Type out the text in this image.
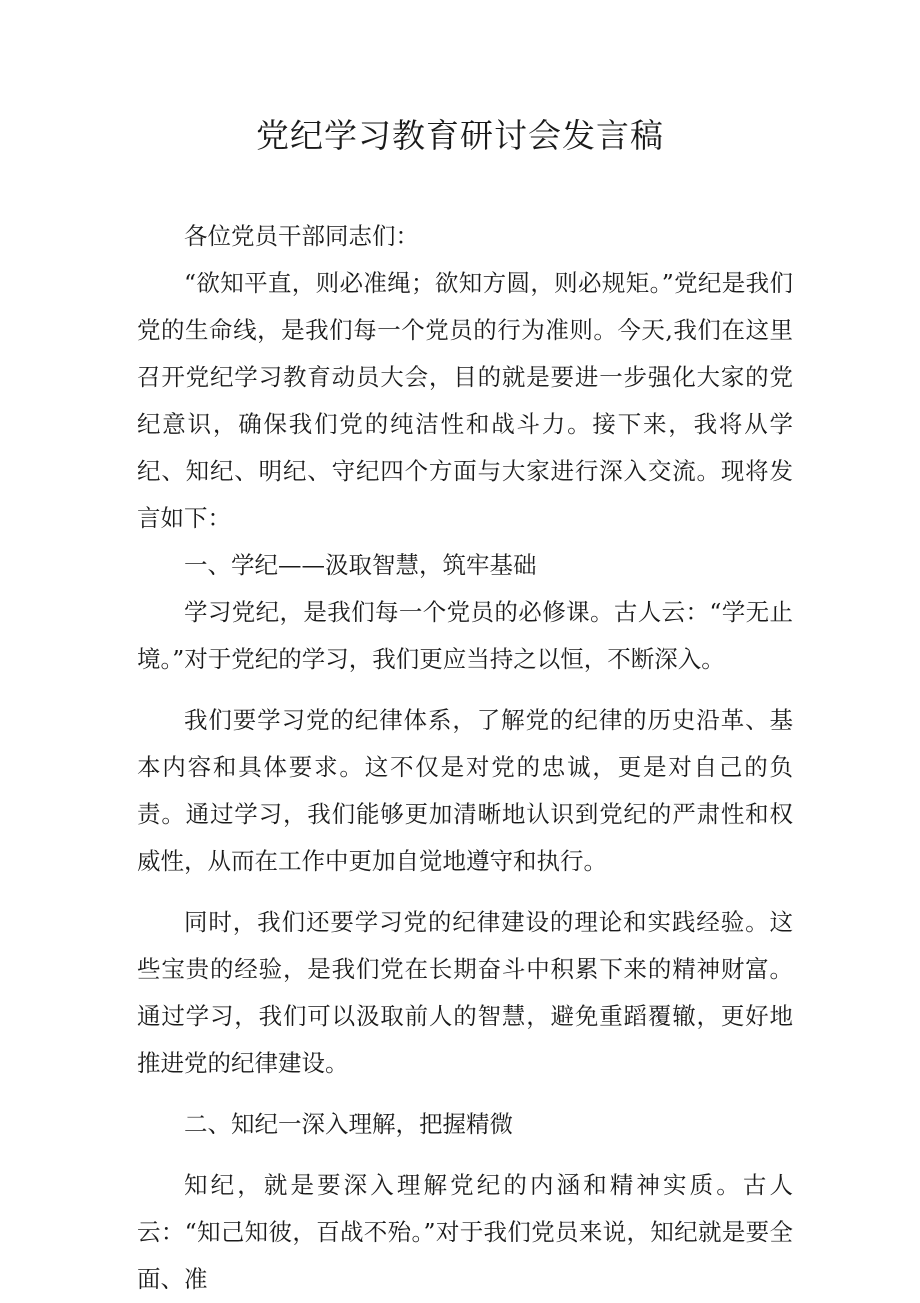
党纪学习教育研讨会发言稿

各位党员干部同志们：

“欲知平直，则必准绳；欲知方圆，则必规矩。”党纪是我们党的生命线，是我们每一个党员的行为准则。今天,我们在这里召开党纪学习教育动员大会，目的就是要进一步强化大家的党纪意识，确保我们党的纯洁性和战斗力。接下来，我将从学纪、知纪、明纪、守纪四个方面与大家进行深入交流。现将发言如下：

一、学纪——汲取智慧，筑牢基础

学习党纪，是我们每一个党员的必修课。古人云：“学无止境。”对于党纪的学习，我们更应当持之以恒，不断深入。

我们要学习党的纪律体系，了解党的纪律的历史沿革、基本内容和具体要求。这不仅是对党的忠诚，更是对自己的负责。通过学习，我们能够更加清晰地认识到党纪的严肃性和权威性，从而在工作中更加自觉地遵守和执行。

同时，我们还要学习党的纪律建设的理论和实践经验。这些宝贵的经验，是我们党在长期奋斗中积累下来的精神财富。通过学习，我们可以汲取前人的智慧，避免重蹈覆辙，更好地推进党的纪律建设。

二、知纪一深入理解，把握精微

知纪，就是要深入理解党纪的内涵和精神实质。古人云：“知己知彼，百战不殆。”对于我们党员来说，知纪就是要全面、准
